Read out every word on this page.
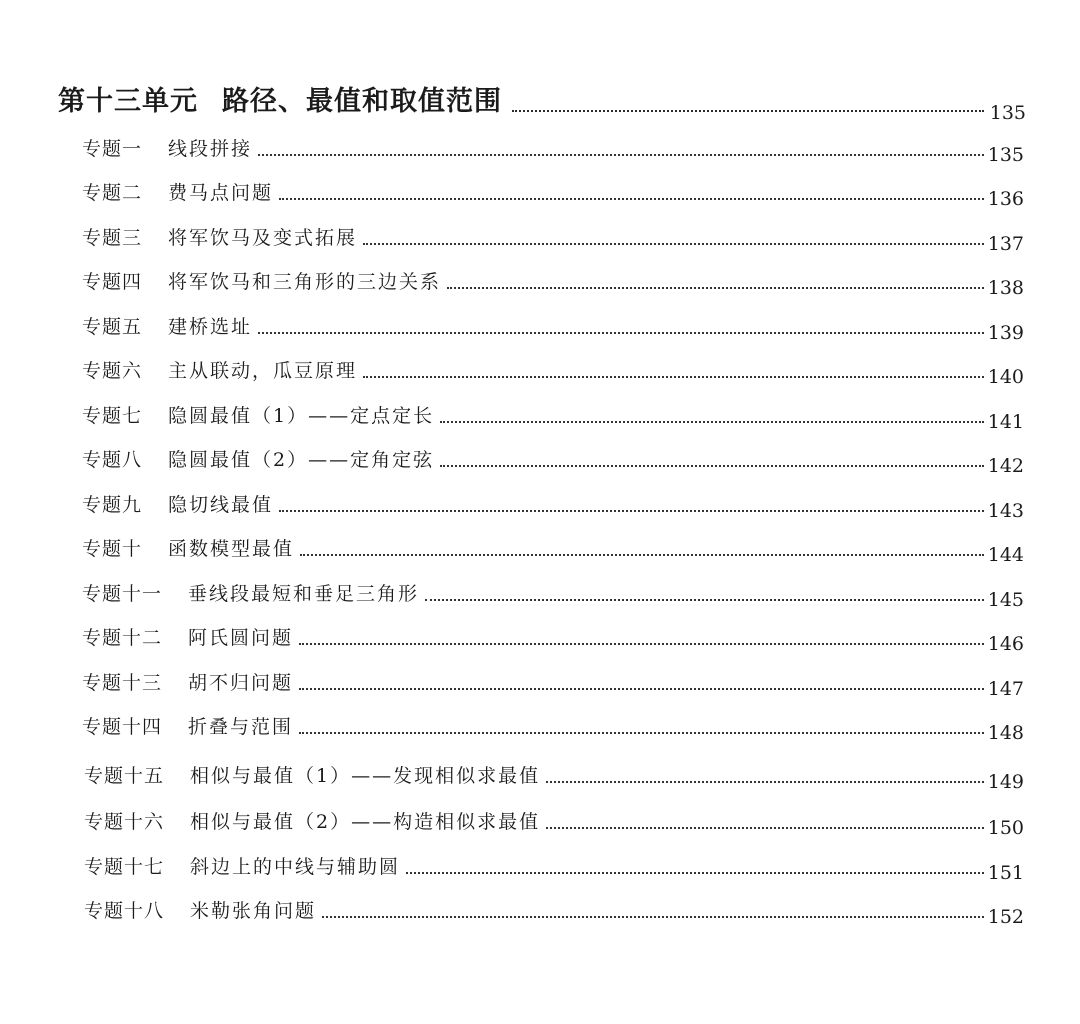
第十三单元 路径、最值和取值范围	135
专题一	线段拼接	135
专题二	费马点问题	136
专题三	将军饮马及变式拓展	137
专题四	将军饮马和三角形的三边关系	138
专题五	建桥选址	139
专题六	主从联动，瓜豆原理	140
专题七	隐圆最值（1）——定点定长	141
专题八	隐圆最值（2）——定角定弦	142
专题九	隐切线最值	143
专题十	函数模型最值	144
专题十一	垂线段最短和垂足三角形	145
专题十二	阿氏圆问题	146
专题十三	胡不归问题	147
专题十四	折叠与范围	148
专题十五	相似与最值（1）——发现相似求最值	149
专题十六	相似与最值（2）——构造相似求最值	150
专题十七	斜边上的中线与辅助圆	151
专题十八	米勒张角问题	152
